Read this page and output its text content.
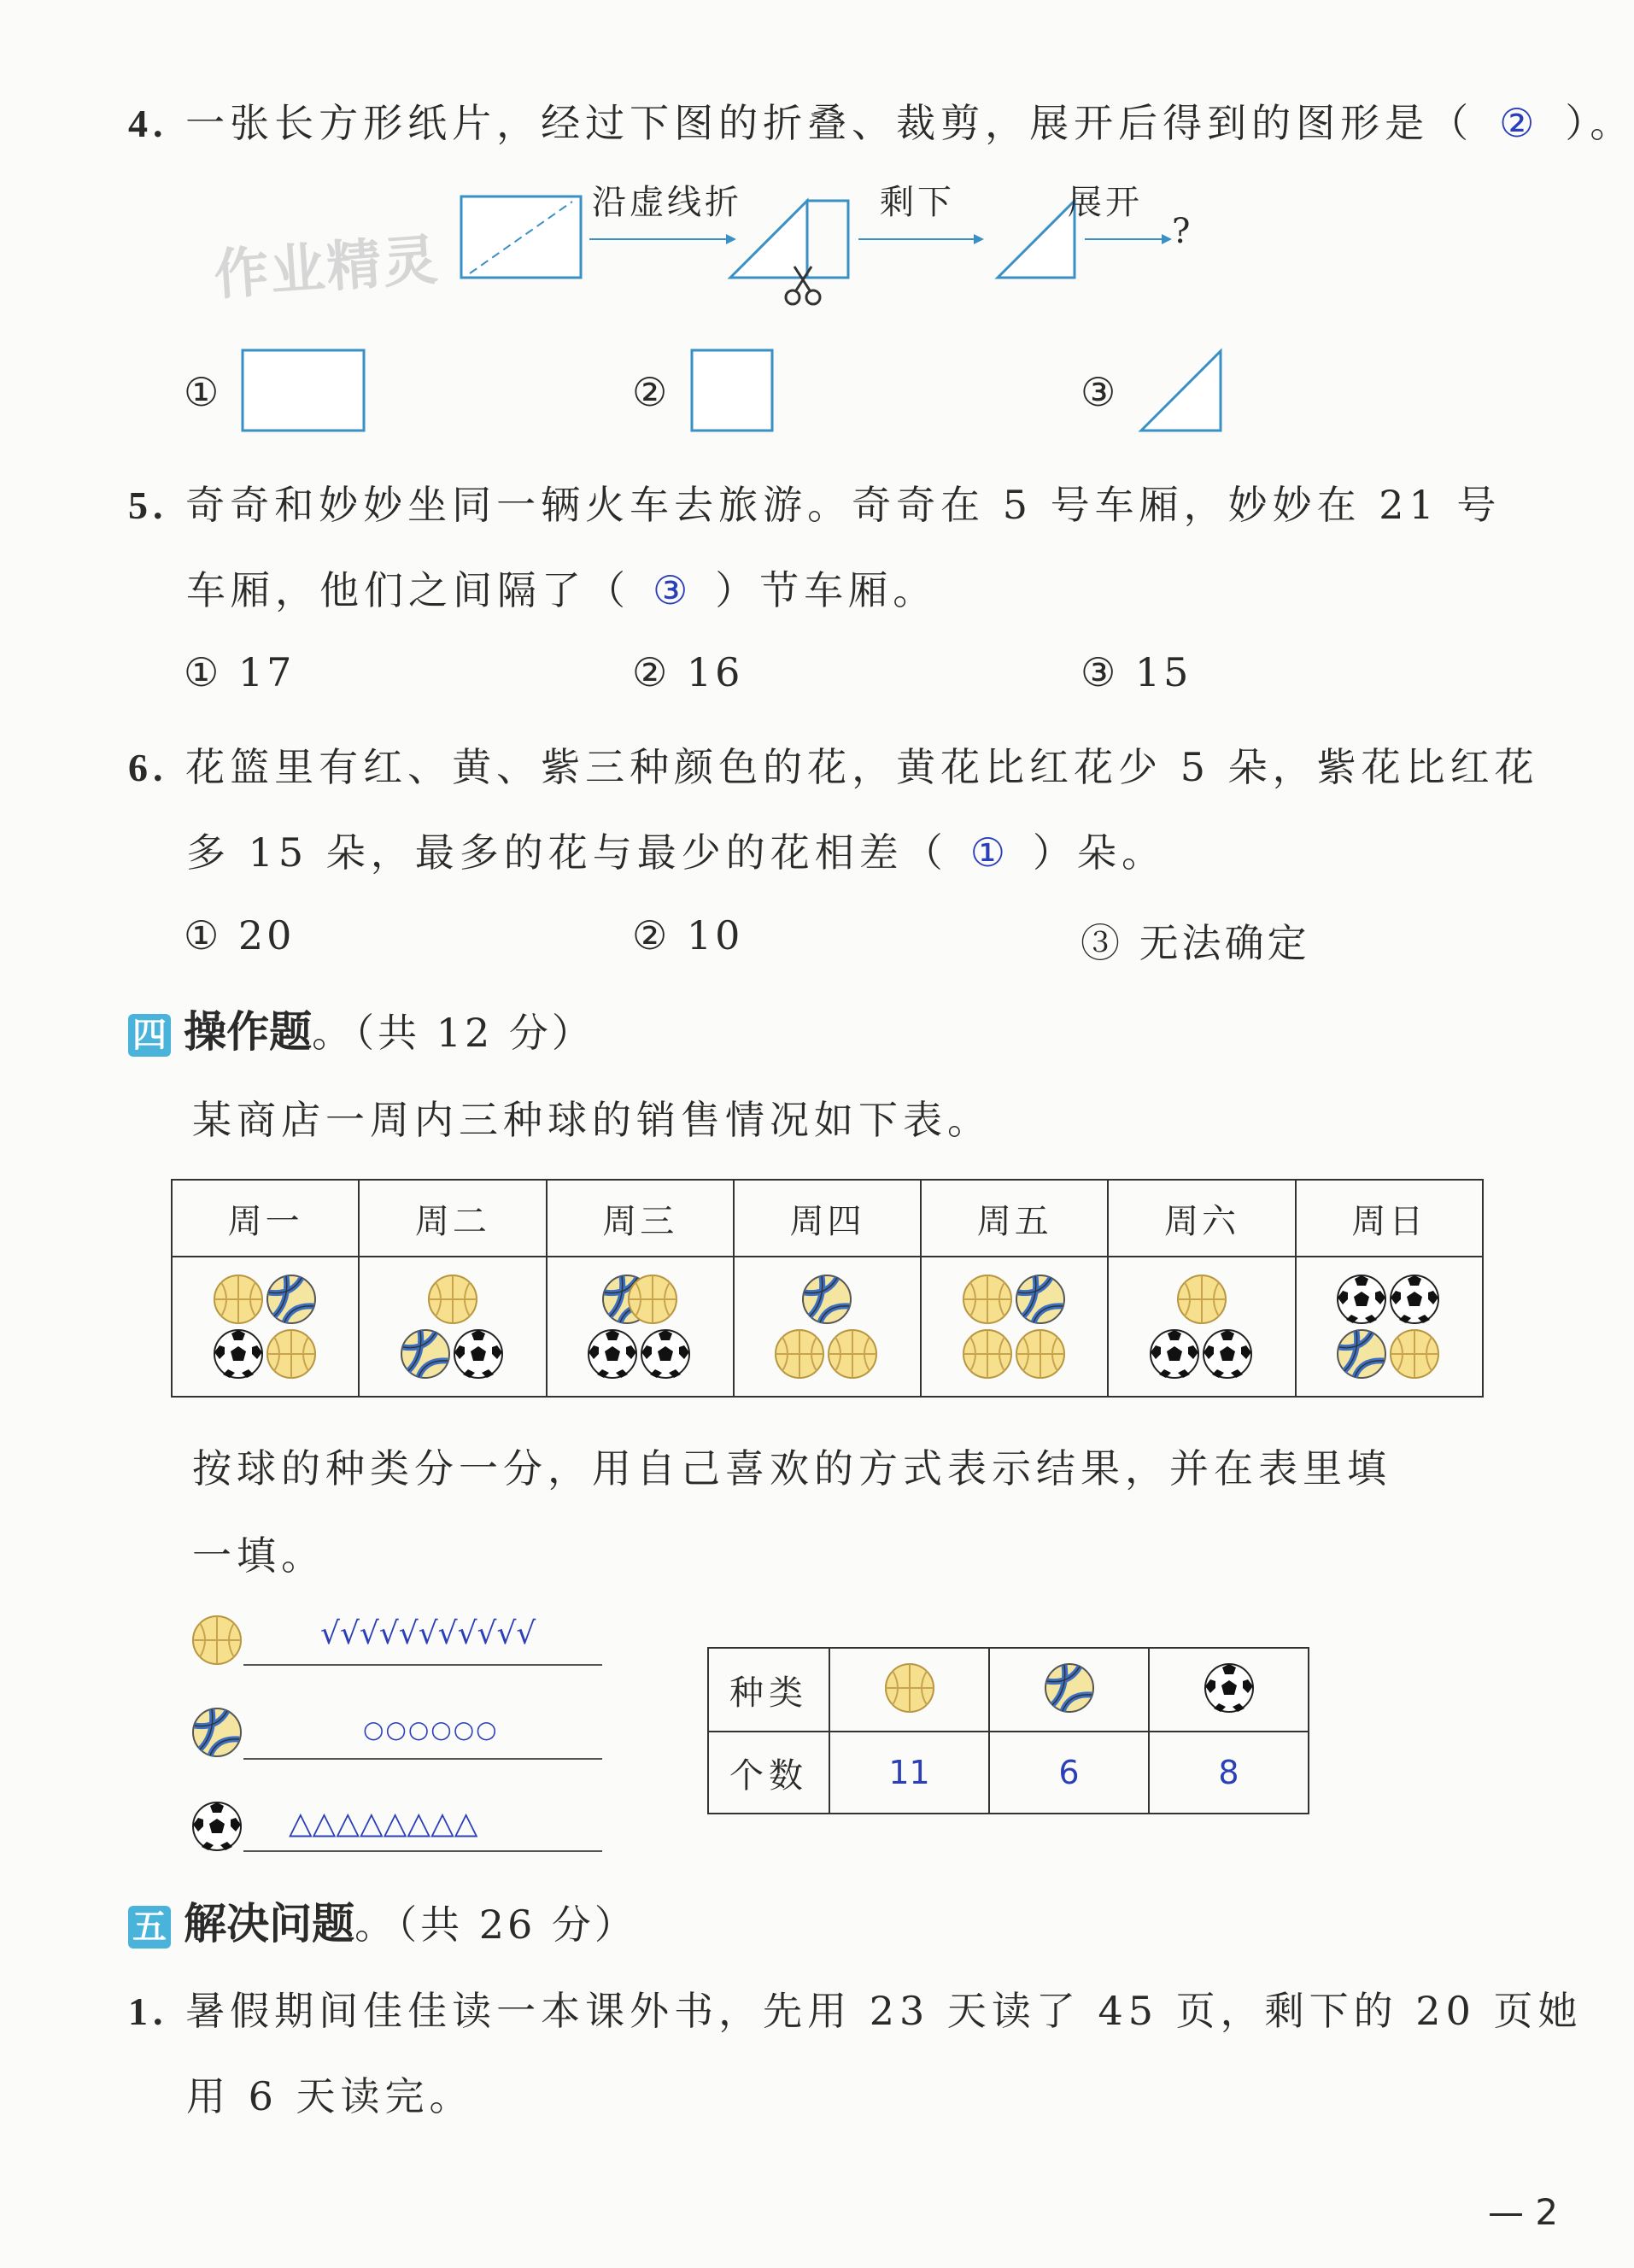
作业精灵
4. 一张长方形纸片，经过下图的折叠、裁剪，展开后得到的图形是（ ② ）。
沿虚线折	剩下	展开
?
①	②	③
5. 奇奇和妙妙坐同一辆火车去旅游。奇奇在 5 号车厢，妙妙在 21 号
车厢，他们之间隔了（ ③ ）节车厢。
① 17	② 16	③ 15
6. 花篮里有红、黄、紫三种颜色的花，黄花比红花少 5 朵，紫花比红花
多 15 朵，最多的花与最少的花相差（ ① ）朵。
① 20	② 10	③ 无法确定
四 操作题。（共 12 分）
某商店一周内三种球的销售情况如下表。
周一	周二	周三	周四	周五	周六	周日

按球的种类分一分，用自己喜欢的方式表示结果，并在表里填
一填。
√√√√√√√√√√√
○○○○○○
△△△△△△△△
种类			
个数	11	6	8
五 解决问题。（共 26 分）
1. 暑假期间佳佳读一本课外书，先用 23 天读了 45 页，剩下的 20 页她
用 6 天读完。
— 2
